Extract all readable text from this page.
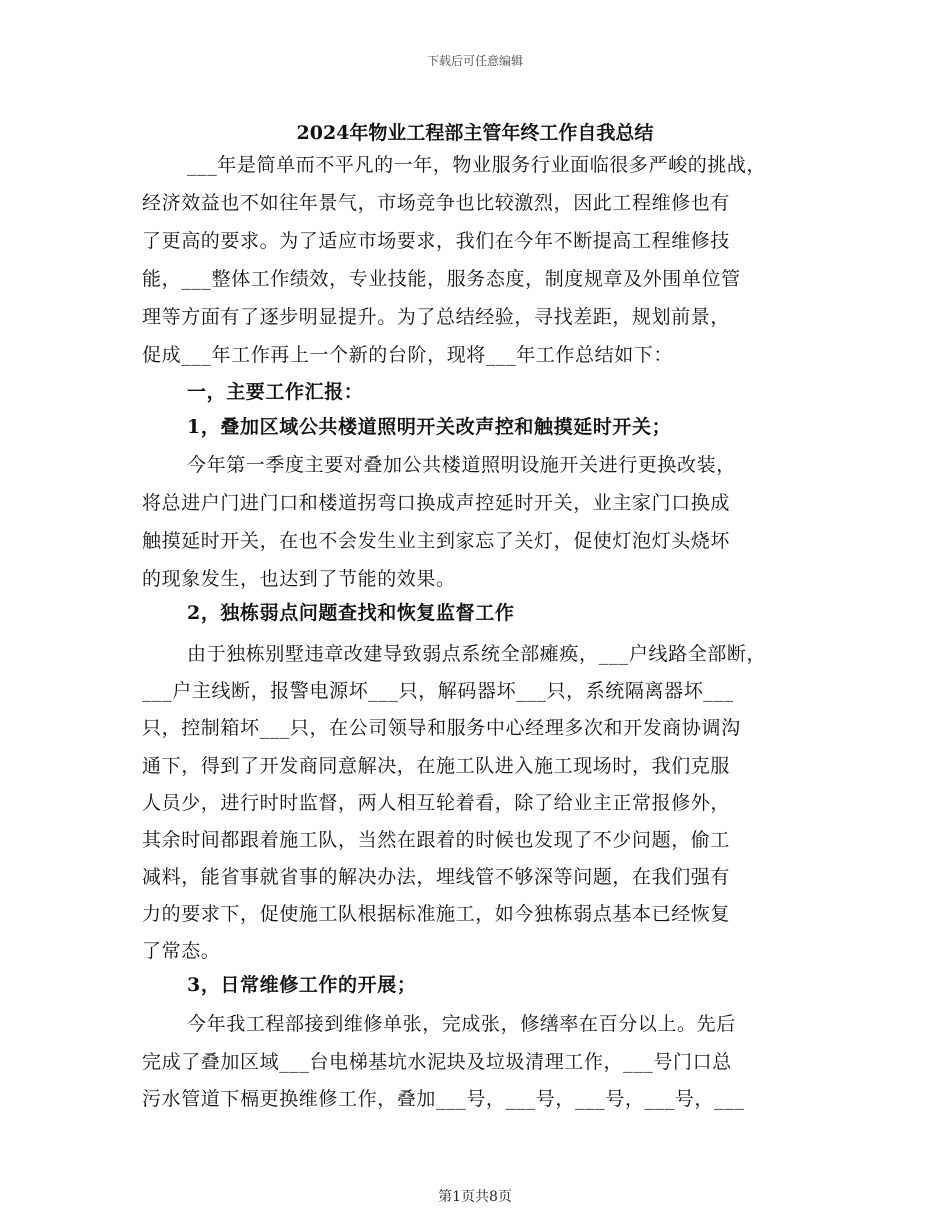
下载后可任意编辑
2024年物业工程部主管年终工作自我总结
___年是简单而不平凡的一年，物业服务行业面临很多严峻的挑战，
经济效益也不如往年景气，市场竞争也比较激烈，因此工程维修也有
了更高的要求。为了适应市场要求，我们在今年不断提高工程维修技
能，___整体工作绩效，专业技能，服务态度，制度规章及外围单位管
理等方面有了逐步明显提升。为了总结经验，寻找差距，规划前景，
促成___年工作再上一个新的台阶，现将___年工作总结如下：
一，主要工作汇报：
1，叠加区域公共楼道照明开关改声控和触摸延时开关；
今年第一季度主要对叠加公共楼道照明设施开关进行更换改装，
将总进户门进门口和楼道拐弯口换成声控延时开关，业主家门口换成
触摸延时开关，在也不会发生业主到家忘了关灯，促使灯泡灯头烧坏
的现象发生，也达到了节能的效果。
2，独栋弱点问题查找和恢复监督工作
由于独栋别墅违章改建导致弱点系统全部瘫痪，___户线路全部断，
___户主线断，报警电源坏___只，解码器坏___只，系统隔离器坏___
只，控制箱坏___只，在公司领导和服务中心经理多次和开发商协调沟
通下，得到了开发商同意解决，在施工队进入施工现场时，我们克服
人员少，进行时时监督，两人相互轮着看，除了给业主正常报修外，
其余时间都跟着施工队，当然在跟着的时候也发现了不少问题，偷工
减料，能省事就省事的解决办法，埋线管不够深等问题，在我们强有
力的要求下，促使施工队根据标准施工，如今独栋弱点基本已经恢复
了常态。
3，日常维修工作的开展；
今年我工程部接到维修单张，完成张，修缮率在百分以上。先后
完成了叠加区域___台电梯基坑水泥块及垃圾清理工作，___号门口总
污水管道下槅更换维修工作，叠加___号，___号，___号，___号，___
第1页共8页
